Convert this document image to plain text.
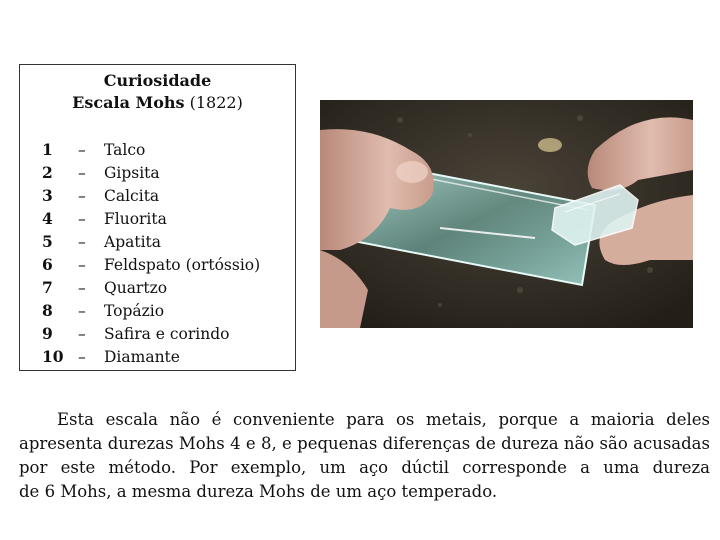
Curiosidade
Escala Mohs (1822)
1	–	Talco
2	–	Gipsita
3	–	Calcita
4	–	Fluorita
5	–	Apatita
6	–	Feldspato (ortóssio)
7	–	Quartzo
8	–	Topázio
9	–	Safira e corindo
10 –	Diamante
Esta escala não é conveniente para os metais, porque a maioria deles
apresenta durezas Mohs 4 e 8, e pequenas diferenças de dureza não são acusadas
por este método. Por exemplo, um aço dúctil corresponde a uma dureza
de 6 Mohs, a mesma dureza Mohs de um aço temperado.
